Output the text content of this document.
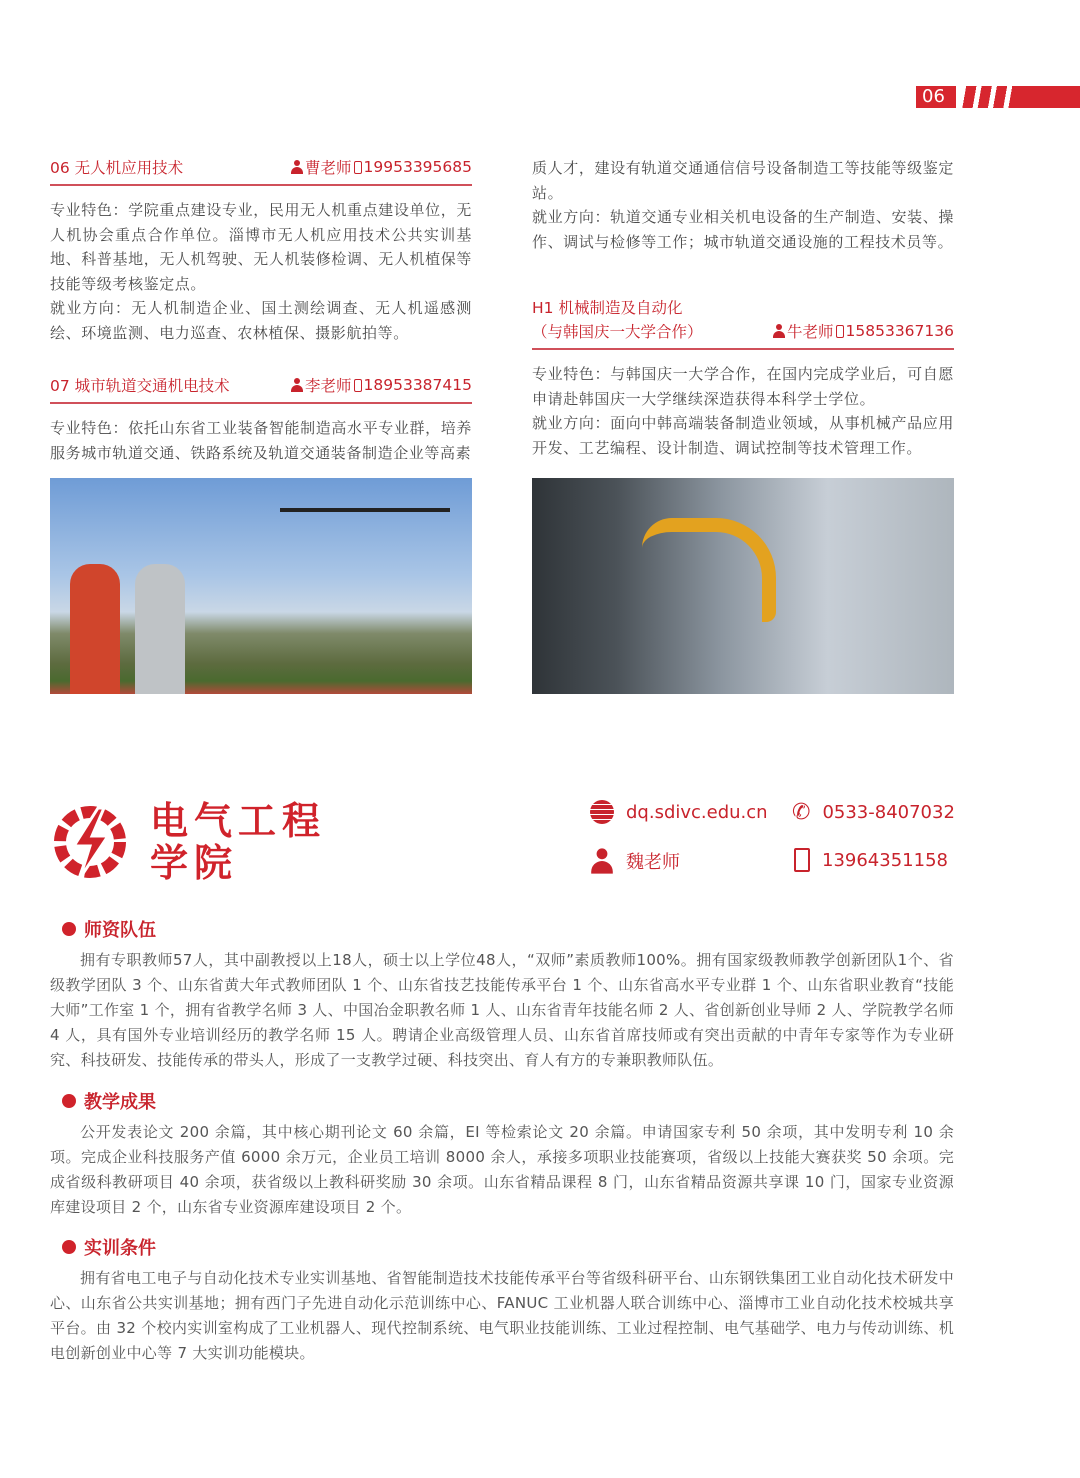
06
06 无人机应用技术	曹老师 19953395685

专业特色：学院重点建设专业，民用无人机重点建设单位，无人机协会重点合作单位。淄博市无人机应用技术公共实训基地、科普基地，无人机驾驶、无人机装修检调、无人机植保等技能等级考核鉴定点。

就业方向：无人机制造企业、国土测绘调查、无人机遥感测绘、环境监测、电力巡查、农林植保、摄影航拍等。

07 城市轨道交通机电技术	李老师 18953387415

专业特色：依托山东省工业装备智能制造高水平专业群，培养服务城市轨道交通、铁路系统及轨道交通装备制造企业等高素

质人才，建设有轨道交通通信信号设备制造工等技能等级鉴定站。

就业方向：轨道交通专业相关机电设备的生产制造、安装、操作、调试与检修等工作；城市轨道交通设施的工程技术员等。

H1 机械制造及自动化
（与韩国庆一大学合作）	牛老师 15853367136

专业特色：与韩国庆一大学合作，在国内完成学业后，可自愿申请赴韩国庆一大学继续深造获得本科学士学位。

就业方向：面向中韩高端装备制造业领域，从事机械产品应用开发、工艺编程、设计制造、调试控制等技术管理工作。

电气工程
学院
dq.sdivc.edu.cn ✆ 0533-8407032
魏老师	13964351158
师资队伍

拥有专职教师57人，其中副教授以上18人，硕士以上学位48人，“双师”素质教师100%。拥有国家级教师教学创新团队1个、省级教学团队 3 个、山东省黄大年式教师团队 1 个、山东省技艺技能传承平台 1 个、山东省高水平专业群 1 个、山东省职业教育“技能大师”工作室 1 个，拥有省教学名师 3 人、中国冶金职教名师 1 人、山东省青年技能名师 2 人、省创新创业导师 2 人、学院教学名师 4 人，具有国外专业培训经历的教学名师 15 人。聘请企业高级管理人员、山东省首席技师或有突出贡献的中青年专家等作为专业研究、科技研发、技能传承的带头人，形成了一支教学过硬、科技突出、育人有方的专兼职教师队伍。

教学成果

公开发表论文 200 余篇，其中核心期刊论文 60 余篇，EI 等检索论文 20 余篇。申请国家专利 50 余项，其中发明专利 10 余项。完成企业科技服务产值 6000 余万元，企业员工培训 8000 余人，承接多项职业技能赛项，省级以上技能大赛获奖 50 余项。完成省级科教研项目 40 余项，获省级以上教科研奖励 30 余项。山东省精品课程 8 门，山东省精品资源共享课 10 门，国家专业资源库建设项目 2 个，山东省专业资源库建设项目 2 个。

实训条件

拥有省电工电子与自动化技术专业实训基地、省智能制造技术技能传承平台等省级科研平台、山东钢铁集团工业自动化技术研发中心、山东省公共实训基地；拥有西门子先进自动化示范训练中心、FANUC 工业机器人联合训练中心、淄博市工业自动化技术校城共享平台。由 32 个校内实训室构成了工业机器人、现代控制系统、电气职业技能训练、工业过程控制、电气基础学、电力与传动训练、机电创新创业中心等 7 大实训功能模块。
